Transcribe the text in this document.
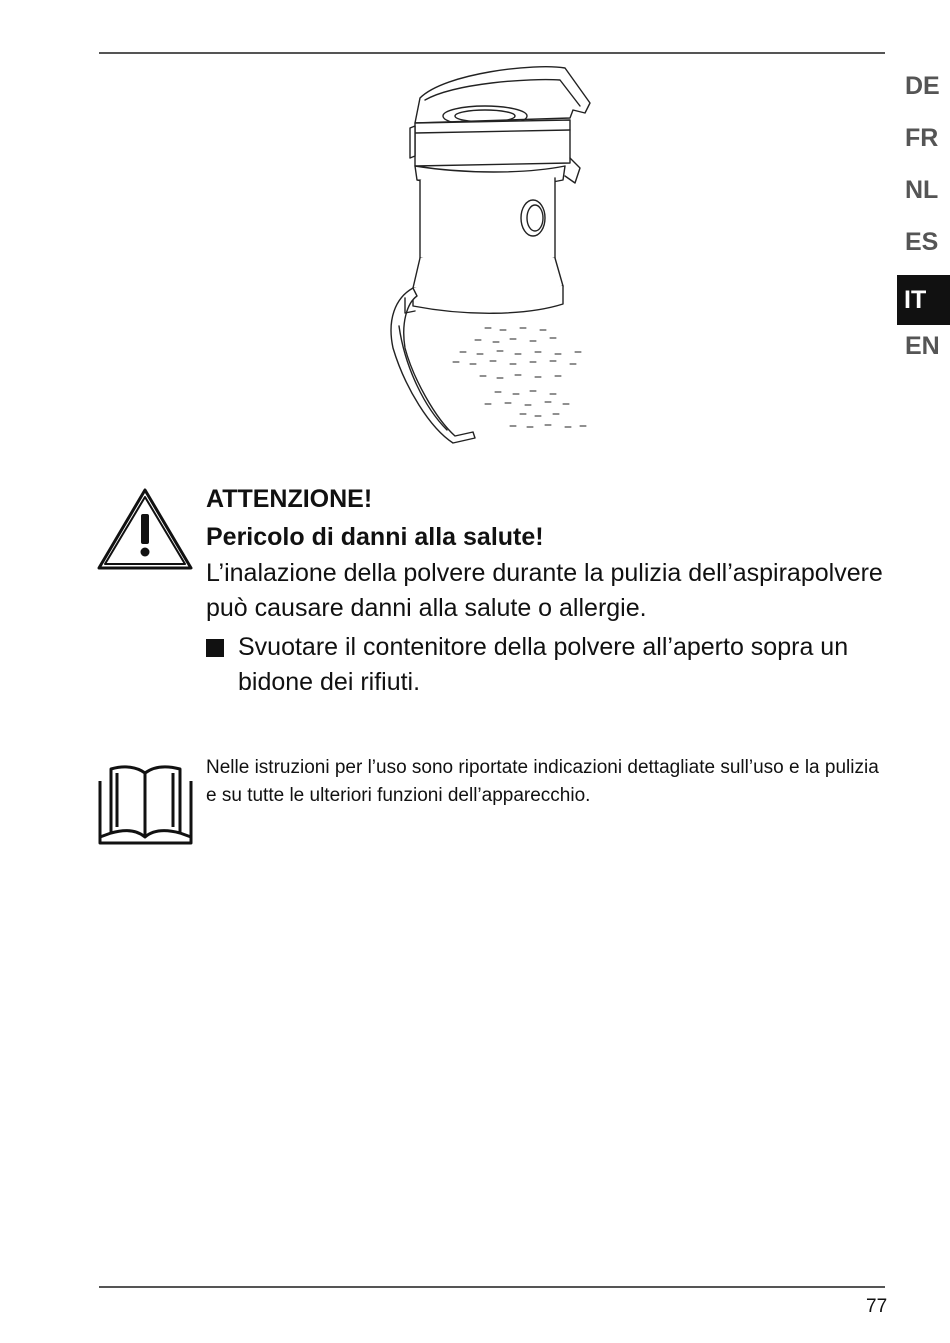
DE
FR
NL
ES
IT
EN

ATTENZIONE!

Pericolo di danni alla salute!

L’inalazione della polvere durante la pulizia dell’aspirapolvere può causare danni alla salute o allergie.

Svuotare il contenitore della polvere all’aperto sopra un bidone dei rifiuti.

Nelle istruzioni per l’uso sono riportate indicazioni dettagliate sull’uso e la pulizia e su tutte le ulteriori funzioni dell’apparecchio.

77
